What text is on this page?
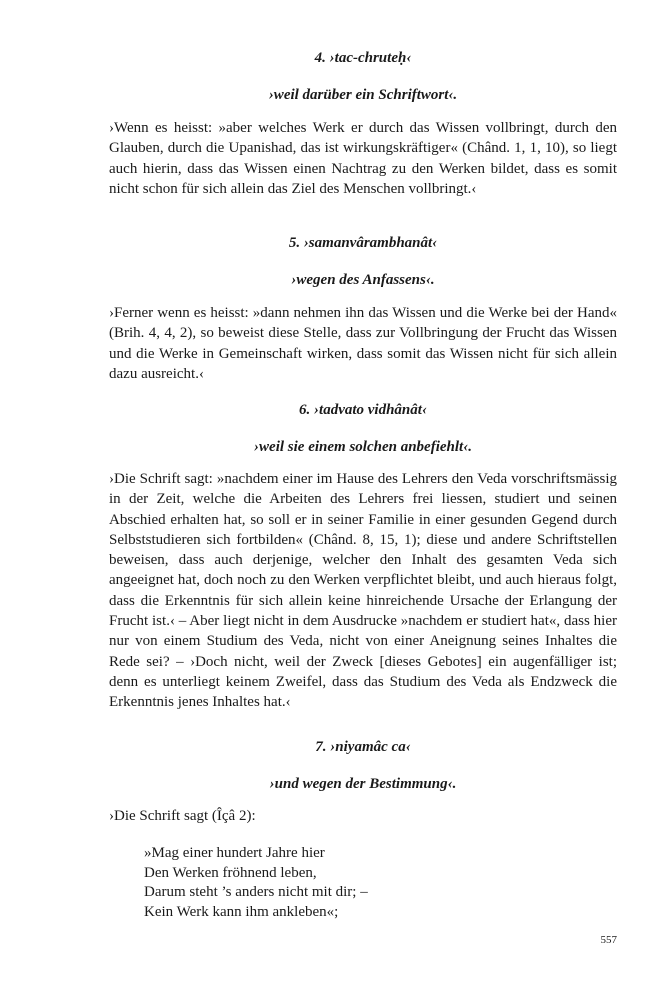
4. ›tac-chruteḥ‹

›weil darüber ein Schriftwort‹.

›Wenn es heisst: »aber welches Werk er durch das Wissen vollbringt, durch den Glauben, durch die Upanishad, das ist wirkungskräftiger« (Chând. 1, 1, 10), so liegt auch hierin, dass das Wissen einen Nachtrag zu den Werken bildet, dass es somit nicht schon für sich allein das Ziel des Menschen vollbringt.‹

5. ›samanvârambhanât‹

›wegen des Anfassens‹.

›Ferner wenn es heisst: »dann nehmen ihn das Wissen und die Werke bei der Hand« (Brih. 4, 4, 2), so beweist diese Stelle, dass zur Vollbringung der Frucht das Wissen und die Werke in Gemeinschaft wirken, dass somit das Wissen nicht für sich allein dazu ausreicht.‹

6. ›tadvato vidhânât‹

›weil sie einem solchen anbefiehlt‹.

›Die Schrift sagt: »nachdem einer im Hause des Lehrers den Veda vorschriftsmässig in der Zeit, welche die Arbeiten des Lehrers frei liessen, studiert und seinen Abschied erhalten hat, so soll er in seiner Familie in einer gesunden Gegend durch Selbststudieren sich fortbilden« (Chând. 8, 15, 1); diese und andere Schriftstellen beweisen, dass auch derjenige, welcher den Inhalt des gesamten Veda sich angeeignet hat, doch noch zu den Werken verpflichtet bleibt, und auch hieraus folgt, dass die Erkenntnis für sich allein keine hinreichende Ursache der Erlangung der Frucht ist.‹ – Aber liegt nicht in dem Ausdrucke »nachdem er studiert hat«, dass hier nur von einem Studium des Veda, nicht von einer Aneignung seines Inhaltes die Rede sei? – ›Doch nicht, weil der Zweck [dieses Gebotes] ein augenfälliger ist; denn es unterliegt keinem Zweifel, dass das Studium des Veda als Endzweck die Erkenntnis jenes Inhaltes hat.‹

7. ›niyamâc ca‹

›und wegen der Bestimmung‹.

›Die Schrift sagt (Îçâ 2):

»Mag einer hundert Jahre hier
Den Werken fröhnend leben,
Darum steht ’s anders nicht mit dir; –
Kein Werk kann ihm ankleben«;

557
